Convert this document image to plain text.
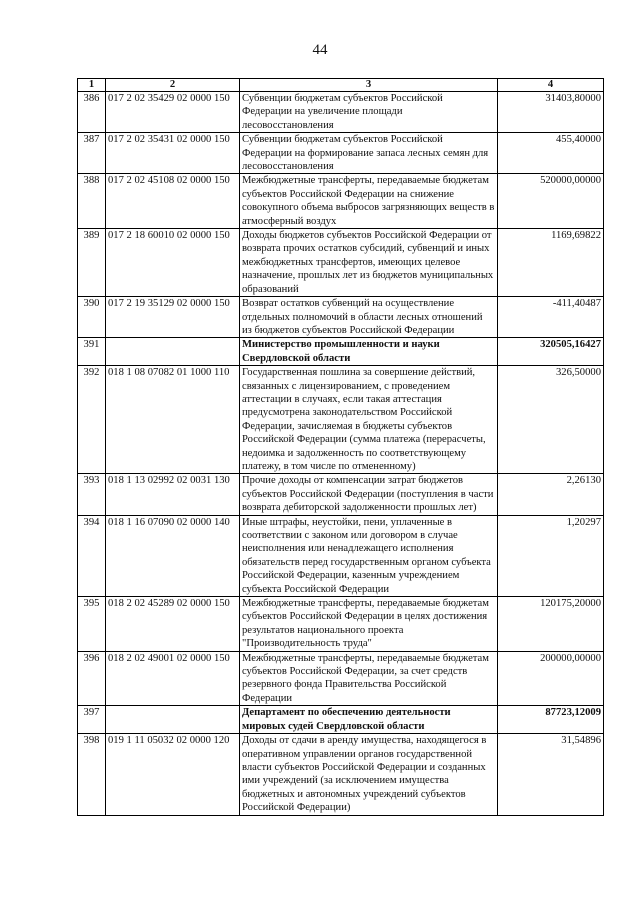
44
1	2	3	4
386	017 2 02 35429 02 0000 150	Субвенции бюджетам субъектов Российской Федерации на увеличение площади лесовосстановления	31403,80000
387	017 2 02 35431 02 0000 150	Субвенции бюджетам субъектов Российской Федерации на формирование запаса лесных семян для лесовосстановления	455,40000
388	017 2 02 45108 02 0000 150	Межбюджетные трансферты, передаваемые бюджетам субъектов Российской Федерации на снижение совокупного объема выбросов загрязняющих веществ в атмосферный воздух	520000,00000
389	017 2 18 60010 02 0000 150	Доходы бюджетов субъектов Российской Федерации от возврата прочих остатков субсидий, субвенций и иных межбюджетных трансфертов, имеющих целевое назначение, прошлых лет из бюджетов муниципальных образований	1169,69822
390	017 2 19 35129 02 0000 150	Возврат остатков субвенций на осуществление отдельных полномочий в области лесных отношений из бюджетов субъектов Российской Федерации	-411,40487
391		Министерство промышленности и науки Свердловской области	320505,16427
392	018 1 08 07082 01 1000 110	Государственная пошлина за совершение действий, связанных с лицензированием, с проведением аттестации в случаях, если такая аттестация предусмотрена законодательством Российской Федерации, зачисляемая в бюджеты субъектов Российской Федерации (сумма платежа (перерасчеты, недоимка и задолженность по соответствующему платежу, в том числе по отмененному)	326,50000
393	018 1 13 02992 02 0031 130	Прочие доходы от компенсации затрат бюджетов субъектов Российской Федерации (поступления в части возврата дебиторской задолженности прошлых лет)	2,26130
394	018 1 16 07090 02 0000 140	Иные штрафы, неустойки, пени, уплаченные в соответствии с законом или договором в случае неисполнения или ненадлежащего исполнения обязательств перед государственным органом субъекта Российской Федерации, казенным учреждением субъекта Российской Федерации	1,20297
395	018 2 02 45289 02 0000 150	Межбюджетные трансферты, передаваемые бюджетам субъектов Российской Федерации в целях достижения результатов национального проекта "Производительность труда"	120175,20000
396	018 2 02 49001 02 0000 150	Межбюджетные трансферты, передаваемые бюджетам субъектов Российской Федерации, за счет средств резервного фонда Правительства Российской Федерации	200000,00000
397		Департамент по обеспечению деятельности мировых судей Свердловской области	87723,12009
398	019 1 11 05032 02 0000 120	Доходы от сдачи в аренду имущества, находящегося в оперативном управлении органов государственной власти субъектов Российской Федерации и созданных ими учреждений (за исключением имущества бюджетных и автономных учреждений субъектов Российской Федерации)	31,54896
